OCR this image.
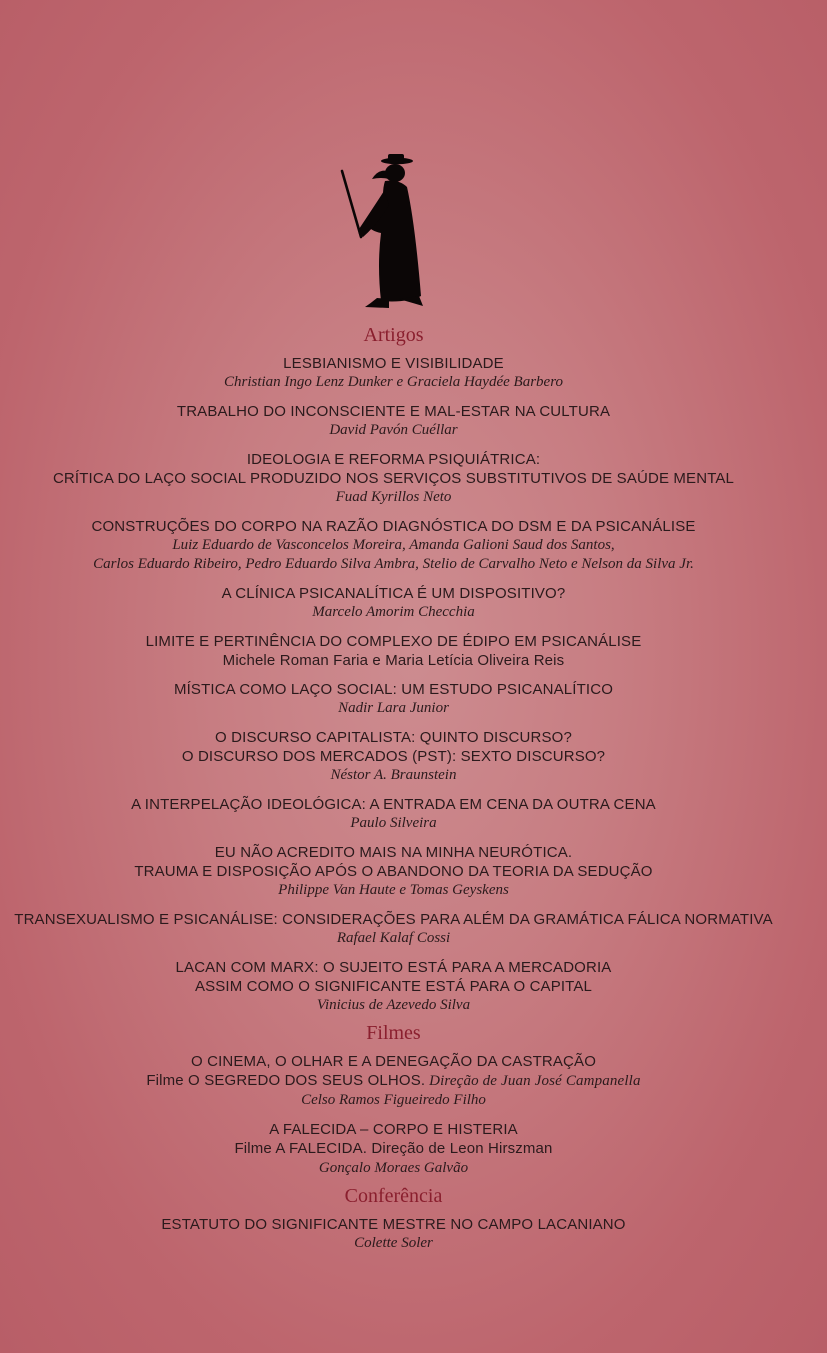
Artigos
LESBIANISMO E VISIBILIDADE
Christian Ingo Lenz Dunker e Graciela Haydée Barbero
TRABALHO DO INCONSCIENTE E MAL-ESTAR NA CULTURA
David Pavón Cuéllar
IDEOLOGIA E REFORMA PSIQUIÁTRICA:
CRÍTICA DO LAÇO SOCIAL PRODUZIDO NOS SERVIÇOS SUBSTITUTIVOS DE SAÚDE MENTAL
Fuad Kyrillos Neto
CONSTRUÇÕES DO CORPO NA RAZÃO DIAGNÓSTICA DO DSM E DA PSICANÁLISE
Luiz Eduardo de Vasconcelos Moreira, Amanda Galioni Saud dos Santos,
Carlos Eduardo Ribeiro, Pedro Eduardo Silva Ambra, Stelio de Carvalho Neto e Nelson da Silva Jr.
A CLÍNICA PSICANALÍTICA É UM DISPOSITIVO?
Marcelo Amorim Checchia
LIMITE E PERTINÊNCIA DO COMPLEXO DE ÉDIPO EM PSICANÁLISE
Michele Roman Faria e Maria Letícia Oliveira Reis
MÍSTICA COMO LAÇO SOCIAL: UM ESTUDO PSICANALÍTICO
Nadir Lara Junior
O DISCURSO CAPITALISTA: QUINTO DISCURSO?
O DISCURSO DOS MERCADOS (PST): SEXTO DISCURSO?
Néstor A. Braunstein
A INTERPELAÇÃO IDEOLÓGICA: A ENTRADA EM CENA DA OUTRA CENA
Paulo Silveira
EU NÃO ACREDITO MAIS NA MINHA NEURÓTICA.
TRAUMA E DISPOSIÇÃO APÓS O ABANDONO DA TEORIA DA SEDUÇÃO
Philippe Van Haute e Tomas Geyskens
TRANSEXUALISMO E PSICANÁLISE: CONSIDERAÇÕES PARA ALÉM DA GRAMÁTICA FÁLICA NORMATIVA
Rafael Kalaf Cossi
LACAN COM MARX: O SUJEITO ESTÁ PARA A MERCADORIA
ASSIM COMO O SIGNIFICANTE ESTÁ PARA O CAPITAL
Vinicius de Azevedo Silva
Filmes
O CINEMA, O OLHAR E A DENEGAÇÃO DA CASTRAÇÃO
Filme O SEGREDO DOS SEUS OLHOS. Direção de Juan José Campanella
Celso Ramos Figueiredo Filho
A FALECIDA – CORPO E HISTERIA
Filme A FALECIDA. Direção de Leon Hirszman
Gonçalo Moraes Galvão
Conferência
ESTATUTO DO SIGNIFICANTE MESTRE NO CAMPO LACANIANO
Colette Soler
